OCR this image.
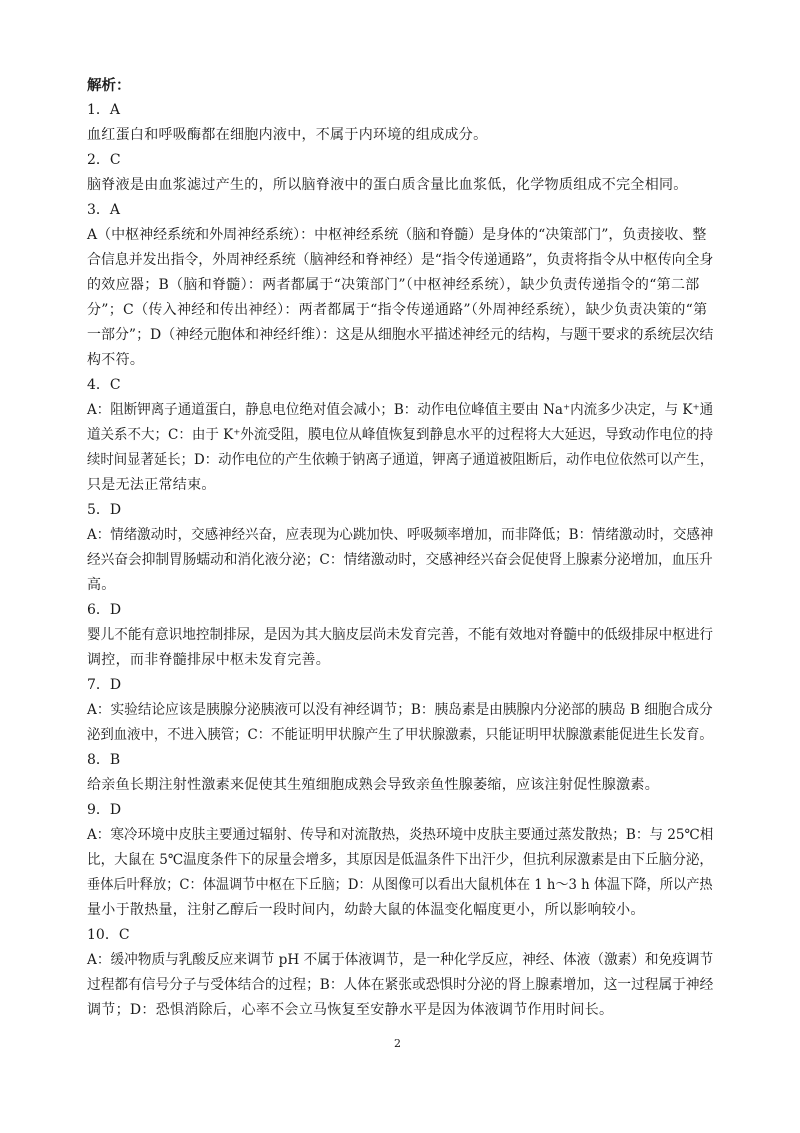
解析：
1．A
血红蛋白和呼吸酶都在细胞内液中，不属于内环境的组成成分。
2．C
脑脊液是由血浆滤过产生的，所以脑脊液中的蛋白质含量比血浆低，化学物质组成不完全相同。
3．A
A（中枢神经系统和外周神经系统）：中枢神经系统（脑和脊髓）是身体的“决策部门”，负责接收、整
合信息并发出指令，外周神经系统（脑神经和脊神经）是“指令传递通路”，负责将指令从中枢传向全身
的效应器；B（脑和脊髓）：两者都属于“决策部门”（中枢神经系统），缺少负责传递指令的“第二部
分”；C（传入神经和传出神经）：两者都属于“指令传递通路”（外周神经系统），缺少负责决策的“第
一部分”；D（神经元胞体和神经纤维）：这是从细胞水平描述神经元的结构，与题干要求的系统层次结
构不符。
4．C
A：阻断钾离子通道蛋白，静息电位绝对值会减小；B：动作电位峰值主要由 Na⁺内流多少决定，与 K⁺通
道关系不大；C：由于 K⁺外流受阻，膜电位从峰值恢复到静息水平的过程将大大延迟，导致动作电位的持
续时间显著延长；D：动作电位的产生依赖于钠离子通道，钾离子通道被阻断后，动作电位依然可以产生，
只是无法正常结束。
5．D
A：情绪激动时，交感神经兴奋，应表现为心跳加快、呼吸频率增加，而非降低；B：情绪激动时，交感神
经兴奋会抑制胃肠蠕动和消化液分泌；C：情绪激动时，交感神经兴奋会促使肾上腺素分泌增加，血压升
高。
6．D
婴儿不能有意识地控制排尿，是因为其大脑皮层尚未发育完善，不能有效地对脊髓中的低级排尿中枢进行
调控，而非脊髓排尿中枢未发育完善。
7．D
A：实验结论应该是胰腺分泌胰液可以没有神经调节；B：胰岛素是由胰腺内分泌部的胰岛 B 细胞合成分
泌到血液中，不进入胰管；C：不能证明甲状腺产生了甲状腺激素，只能证明甲状腺激素能促进生长发育。
8．B
给亲鱼长期注射性激素来促使其生殖细胞成熟会导致亲鱼性腺萎缩，应该注射促性腺激素。
9．D
A：寒冷环境中皮肤主要通过辐射、传导和对流散热，炎热环境中皮肤主要通过蒸发散热；B：与 25℃相
比，大鼠在 5℃温度条件下的尿量会增多，其原因是低温条件下出汗少，但抗利尿激素是由下丘脑分泌，
垂体后叶释放；C：体温调节中枢在下丘脑；D：从图像可以看出大鼠机体在 1 h～3 h 体温下降，所以产热
量小于散热量，注射乙醇后一段时间内，幼龄大鼠的体温变化幅度更小，所以影响较小。
10．C
A：缓冲物质与乳酸反应来调节 pH 不属于体液调节，是一种化学反应，神经、体液（激素）和免疫调节
过程都有信号分子与受体结合的过程；B：人体在紧张或恐惧时分泌的肾上腺素增加，这一过程属于神经
调节；D：恐惧消除后，心率不会立马恢复至安静水平是因为体液调节作用时间长。
2
